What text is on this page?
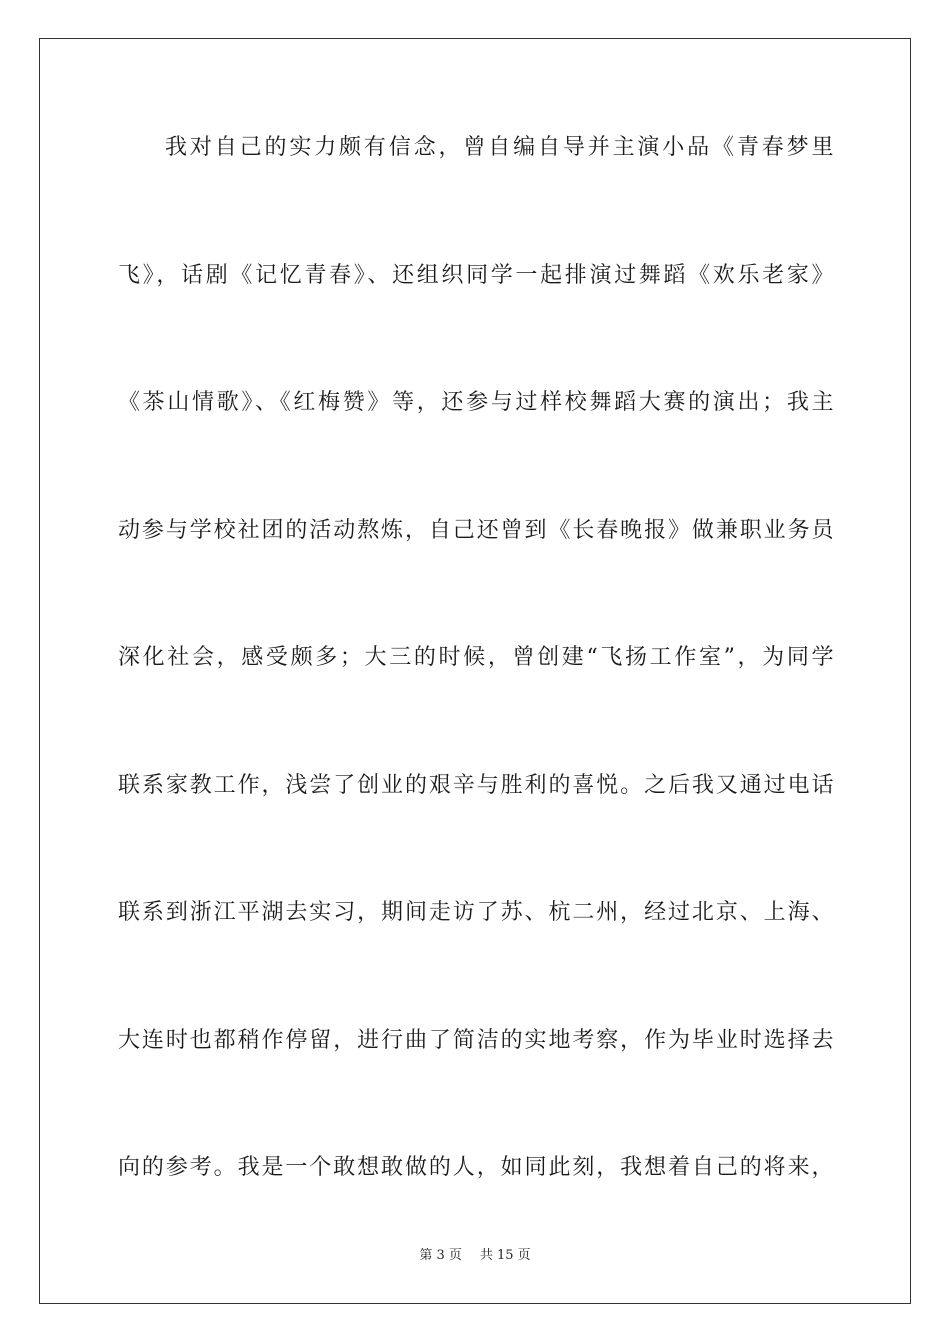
我对自己的实力颇有信念，曾自编自导并主演小品《青春梦里
飞》，话剧《记忆青春》、还组织同学一起排演过舞蹈《欢乐老家》
《茶山情歌》、《红梅赞》等，还参与过样校舞蹈大赛的演出；我主
动参与学校社团的活动熬炼，自己还曾到《长春晚报》做兼职业务员
深化社会，感受颇多；大三的时候，曾创建“飞扬工作室”，为同学
联系家教工作，浅尝了创业的艰辛与胜利的喜悦。之后我又通过电话
联系到浙江平湖去实习，期间走访了苏、杭二州，经过北京、上海、
大连时也都稍作停留，进行曲了简洁的实地考察，作为毕业时选择去
向的参考。我是一个敢想敢做的人，如同此刻，我想着自己的将来，
第 3 页 共 15 页
